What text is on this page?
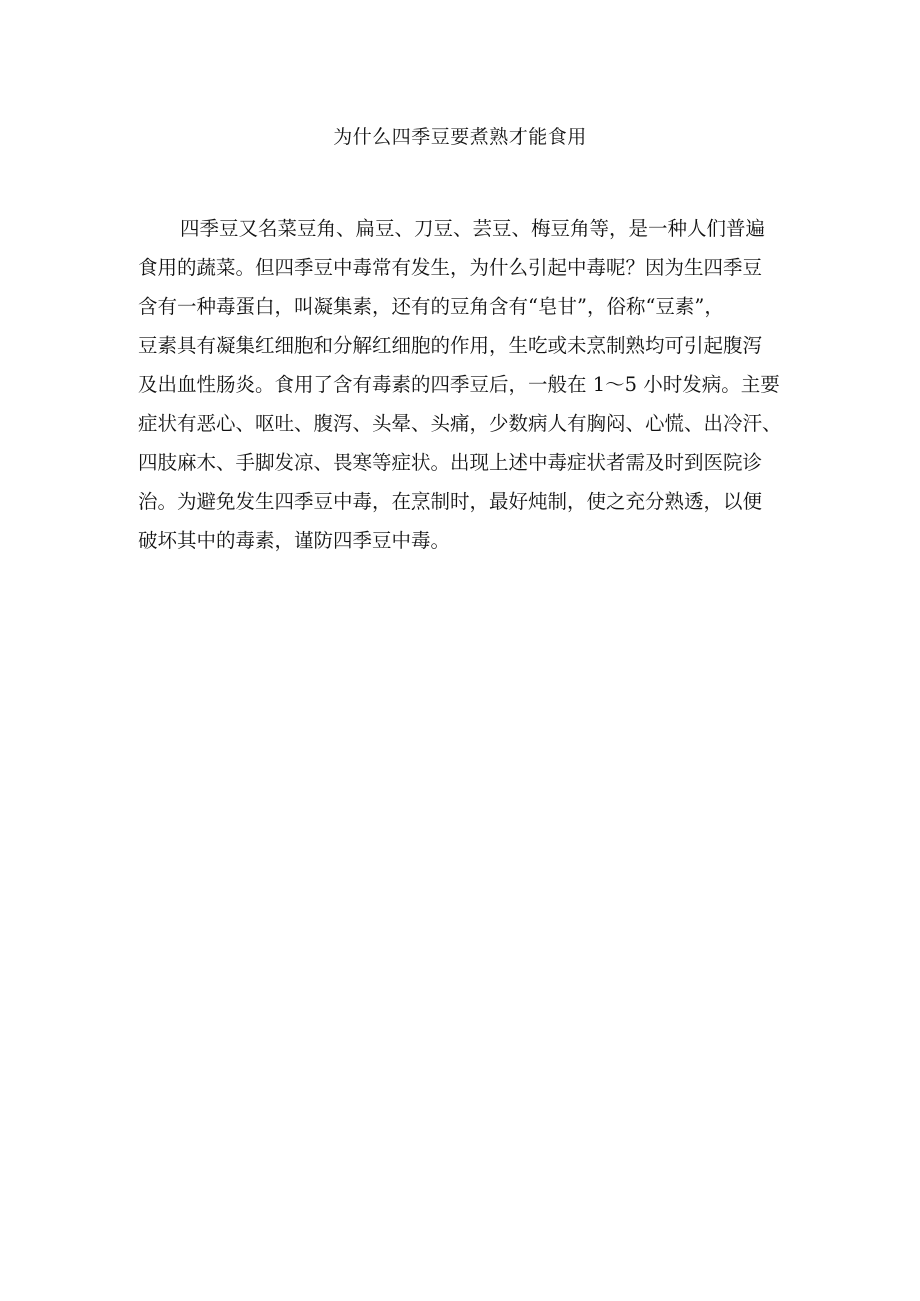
为什么四季豆要煮熟才能食用
四季豆又名菜豆角、扁豆、刀豆、芸豆、梅豆角等，是一种人们普遍
食用的蔬菜。但四季豆中毒常有发生，为什么引起中毒呢？因为生四季豆
含有一种毒蛋白，叫凝集素，还有的豆角含有“皂甘”，俗称“豆素”，
豆素具有凝集红细胞和分解红细胞的作用，生吃或未烹制熟均可引起腹泻
及出血性肠炎。食用了含有毒素的四季豆后，一般在 1～5 小时发病。主要
症状有恶心、呕吐、腹泻、头晕、头痛，少数病人有胸闷、心慌、出冷汗、
四肢麻木、手脚发凉、畏寒等症状。出现上述中毒症状者需及时到医院诊
治。为避免发生四季豆中毒，在烹制时，最好炖制，使之充分熟透，以便
破坏其中的毒素，谨防四季豆中毒。
